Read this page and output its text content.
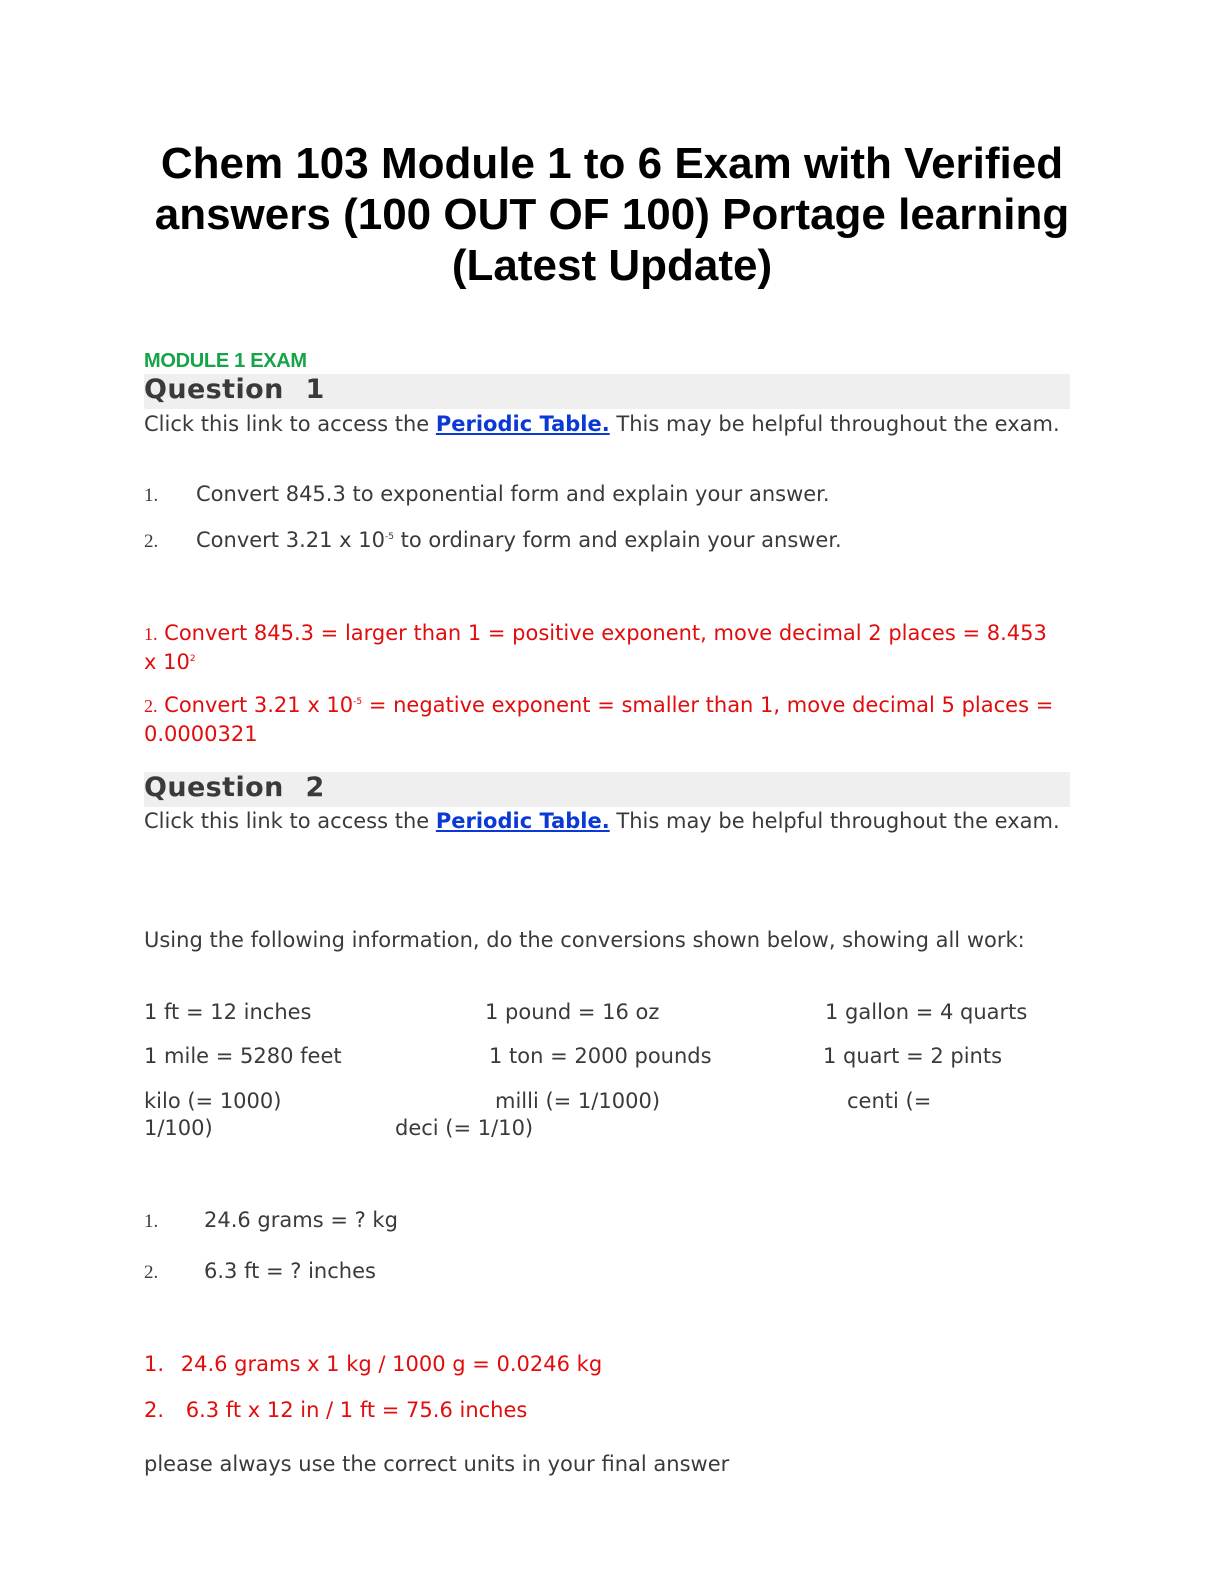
Chem 103 Module 1 to 6 Exam with Verified answers (100 OUT OF 100) Portage learning (Latest Update)
MODULE 1 EXAM
Question 1
Click this link to access the Periodic Table. This may be helpful throughout the exam.
1. Convert 845.3 to exponential form and explain your answer.
2. Convert 3.21 x $10^{-5}$ to ordinary form and explain your answer.
1. Convert 845.3 = larger than 1 = positive exponent, move decimal 2 places = 8.453 x $10^2$
2. Convert 3.21 x $10^{-5}$ = negative exponent = smaller than 1, move decimal 5 places = 0.0000321
Question 2
Click this link to access the Periodic Table. This may be helpful throughout the exam.
Using the following information, do the conversions shown below, showing all work:
1 ft = 12 inches	1 pound = 16 oz	1 gallon = 4 quarts
1 mile = 5280 feet	1 ton = 2000 pounds	1 quart = 2 pints
kilo (= 1000)	milli (= 1/1000)	centi (=
1/100)	deci (= 1/10)
1. 24.6 grams = ? kg
2. 6.3 ft = ? inches
1. 24.6 grams x 1 kg / 1000 g = 0.0246 kg
2. 6.3 ft x 12 in / 1 ft = 75.6 inches
please always use the correct units in your final answer
